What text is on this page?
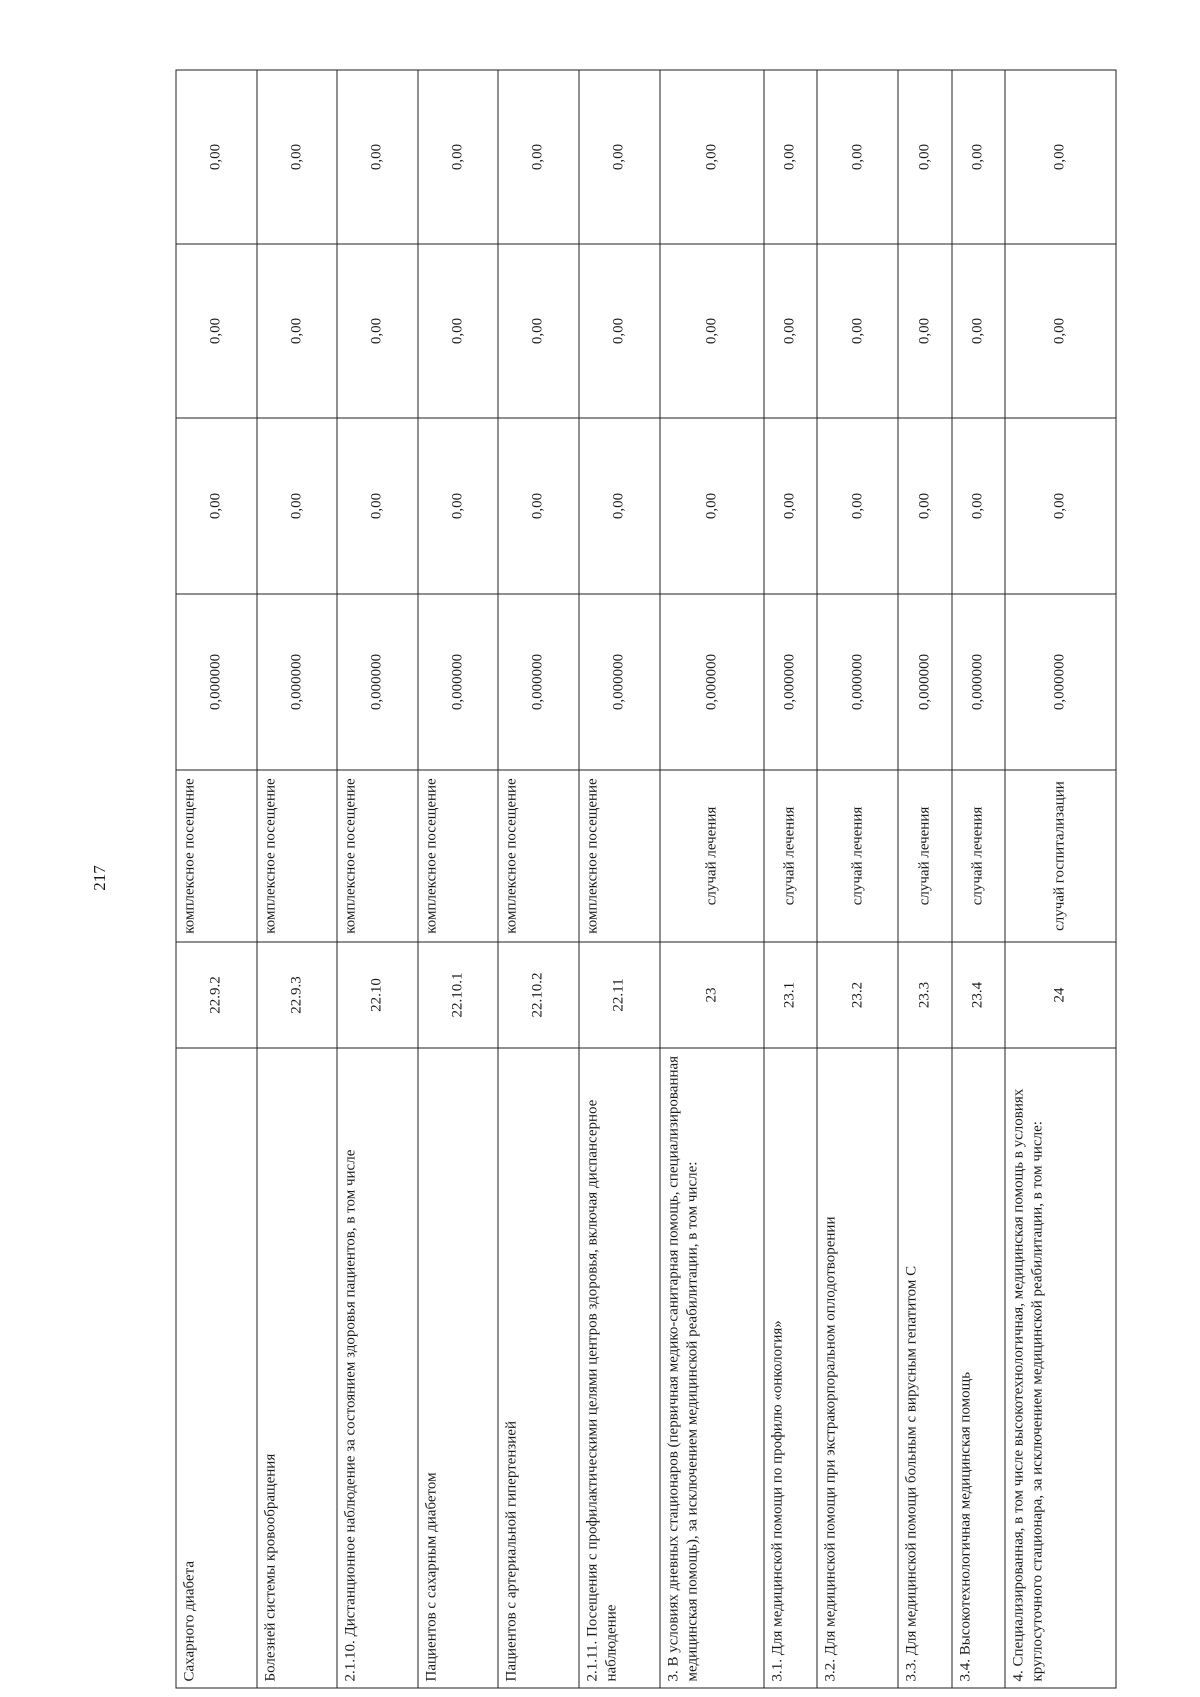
217
Сахарного диабета	22.9.2	комплексное посещение	0,000000	0,00	0,00	0,00
Болезней системы кровообращения	22.9.3	комплексное посещение	0,000000	0,00	0,00	0,00
2.1.10. Дистанционное наблюдение за состоянием здоровья пациентов, в том числе	22.10	комплексное посещение	0,000000	0,00	0,00	0,00
Пациентов с сахарным диабетом	22.10.1	комплексное посещение	0,000000	0,00	0,00	0,00
Пациентов с артериальной гипертензией	22.10.2	комплексное посещение	0,000000	0,00	0,00	0,00
2.1.11. Посещения с профилактическими целями центров здоровья, включая диспансерное наблюдение	22.11	комплексное посещение	0,000000	0,00	0,00	0,00
3. В условиях дневных стационаров (первичная медико-санитарная помощь, специализированная медицинская помощь), за исключением медицинской реабилитации, в том числе:	23	случай лечения	0,000000	0,00	0,00	0,00
3.1. Для медицинской помощи по профилю «онкология»	23.1	случай лечения	0,000000	0,00	0,00	0,00
3.2. Для медицинской помощи при экстракорпоральном оплодотворении	23.2	случай лечения	0,000000	0,00	0,00	0,00
3.3. Для медицинской помощи больным с вирусным гепатитом С	23.3	случай лечения	0,000000	0,00	0,00	0,00
3.4. Высокотехнологичная медицинская помощь	23.4	случай лечения	0,000000	0,00	0,00	0,00
4. Специализированная, в том числе высокотехнологичная, медицинская помощь в условиях круглосуточного стационара, за исключением медицинской реабилитации, в том числе:	24	случай госпитализации	0,000000	0,00	0,00	0,00
